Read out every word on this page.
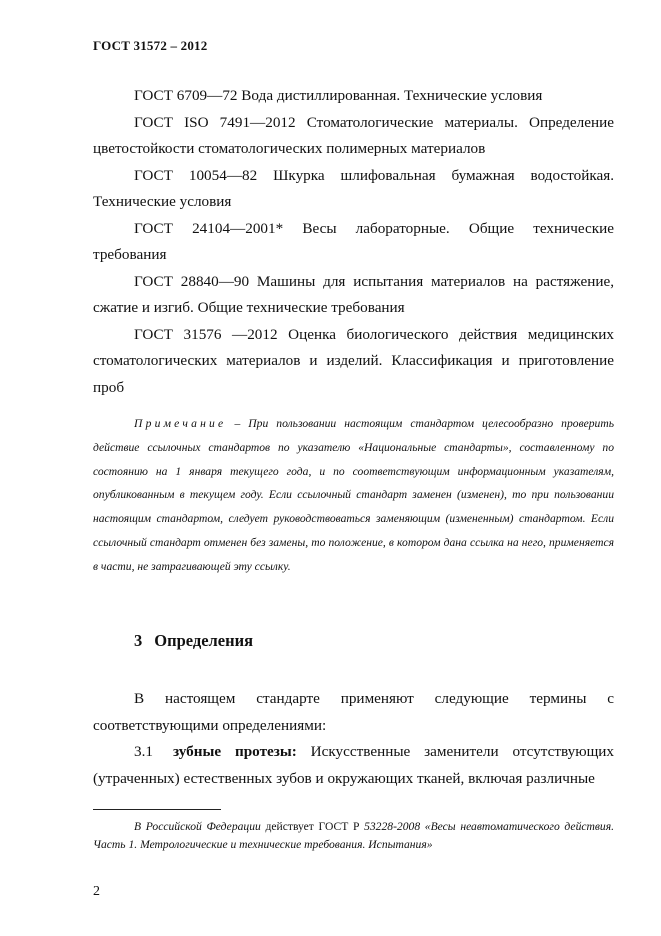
ГОСТ 31572 – 2012

ГОСТ 6709—72 Вода дистиллированная. Технические условия

ГОСТ ISO 7491—2012 Стоматологические материалы. Определение цветостойкости стоматологических полимерных материалов

ГОСТ 10054—82 Шкурка шлифовальная бумажная водостойкая. Технические условия

ГОСТ 24104—2001* Весы лабораторные. Общие технические требования

ГОСТ 28840—90 Машины для испытания материалов на растяжение, сжатие и изгиб. Общие технические требования

ГОСТ 31576 —2012 Оценка биологического действия медицинских стоматологических материалов и изделий. Классификация и приготовление проб

Примечание – При пользовании настоящим стандартом целесообразно проверить действие ссылочных стандартов по указателю «Национальные стандарты», составленному по состоянию на 1 января текущего года, и по соответствующим информационным указателям, опубликованным в текущем году. Если ссылочный стандарт заменен (изменен), то при пользовании настоящим стандартом, следует руководствоваться заменяющим (измененным) стандартом. Если ссылочный стандарт отменен без замены, то положение, в котором дана ссылка на него, применяется в части, не затрагивающей эту ссылку.
3 Определения

В настоящем стандарте применяют следующие термины с соответствующими определениями:

3.1 зубные протезы: Искусственные заменители отсутствующих (утраченных) естественных зубов и окружающих тканей, включая различные

В Российской Федерации действует ГОСТ Р 53228-2008 «Весы неавтоматического действия. Часть 1. Метрологические и технические требования. Испытания»
2
